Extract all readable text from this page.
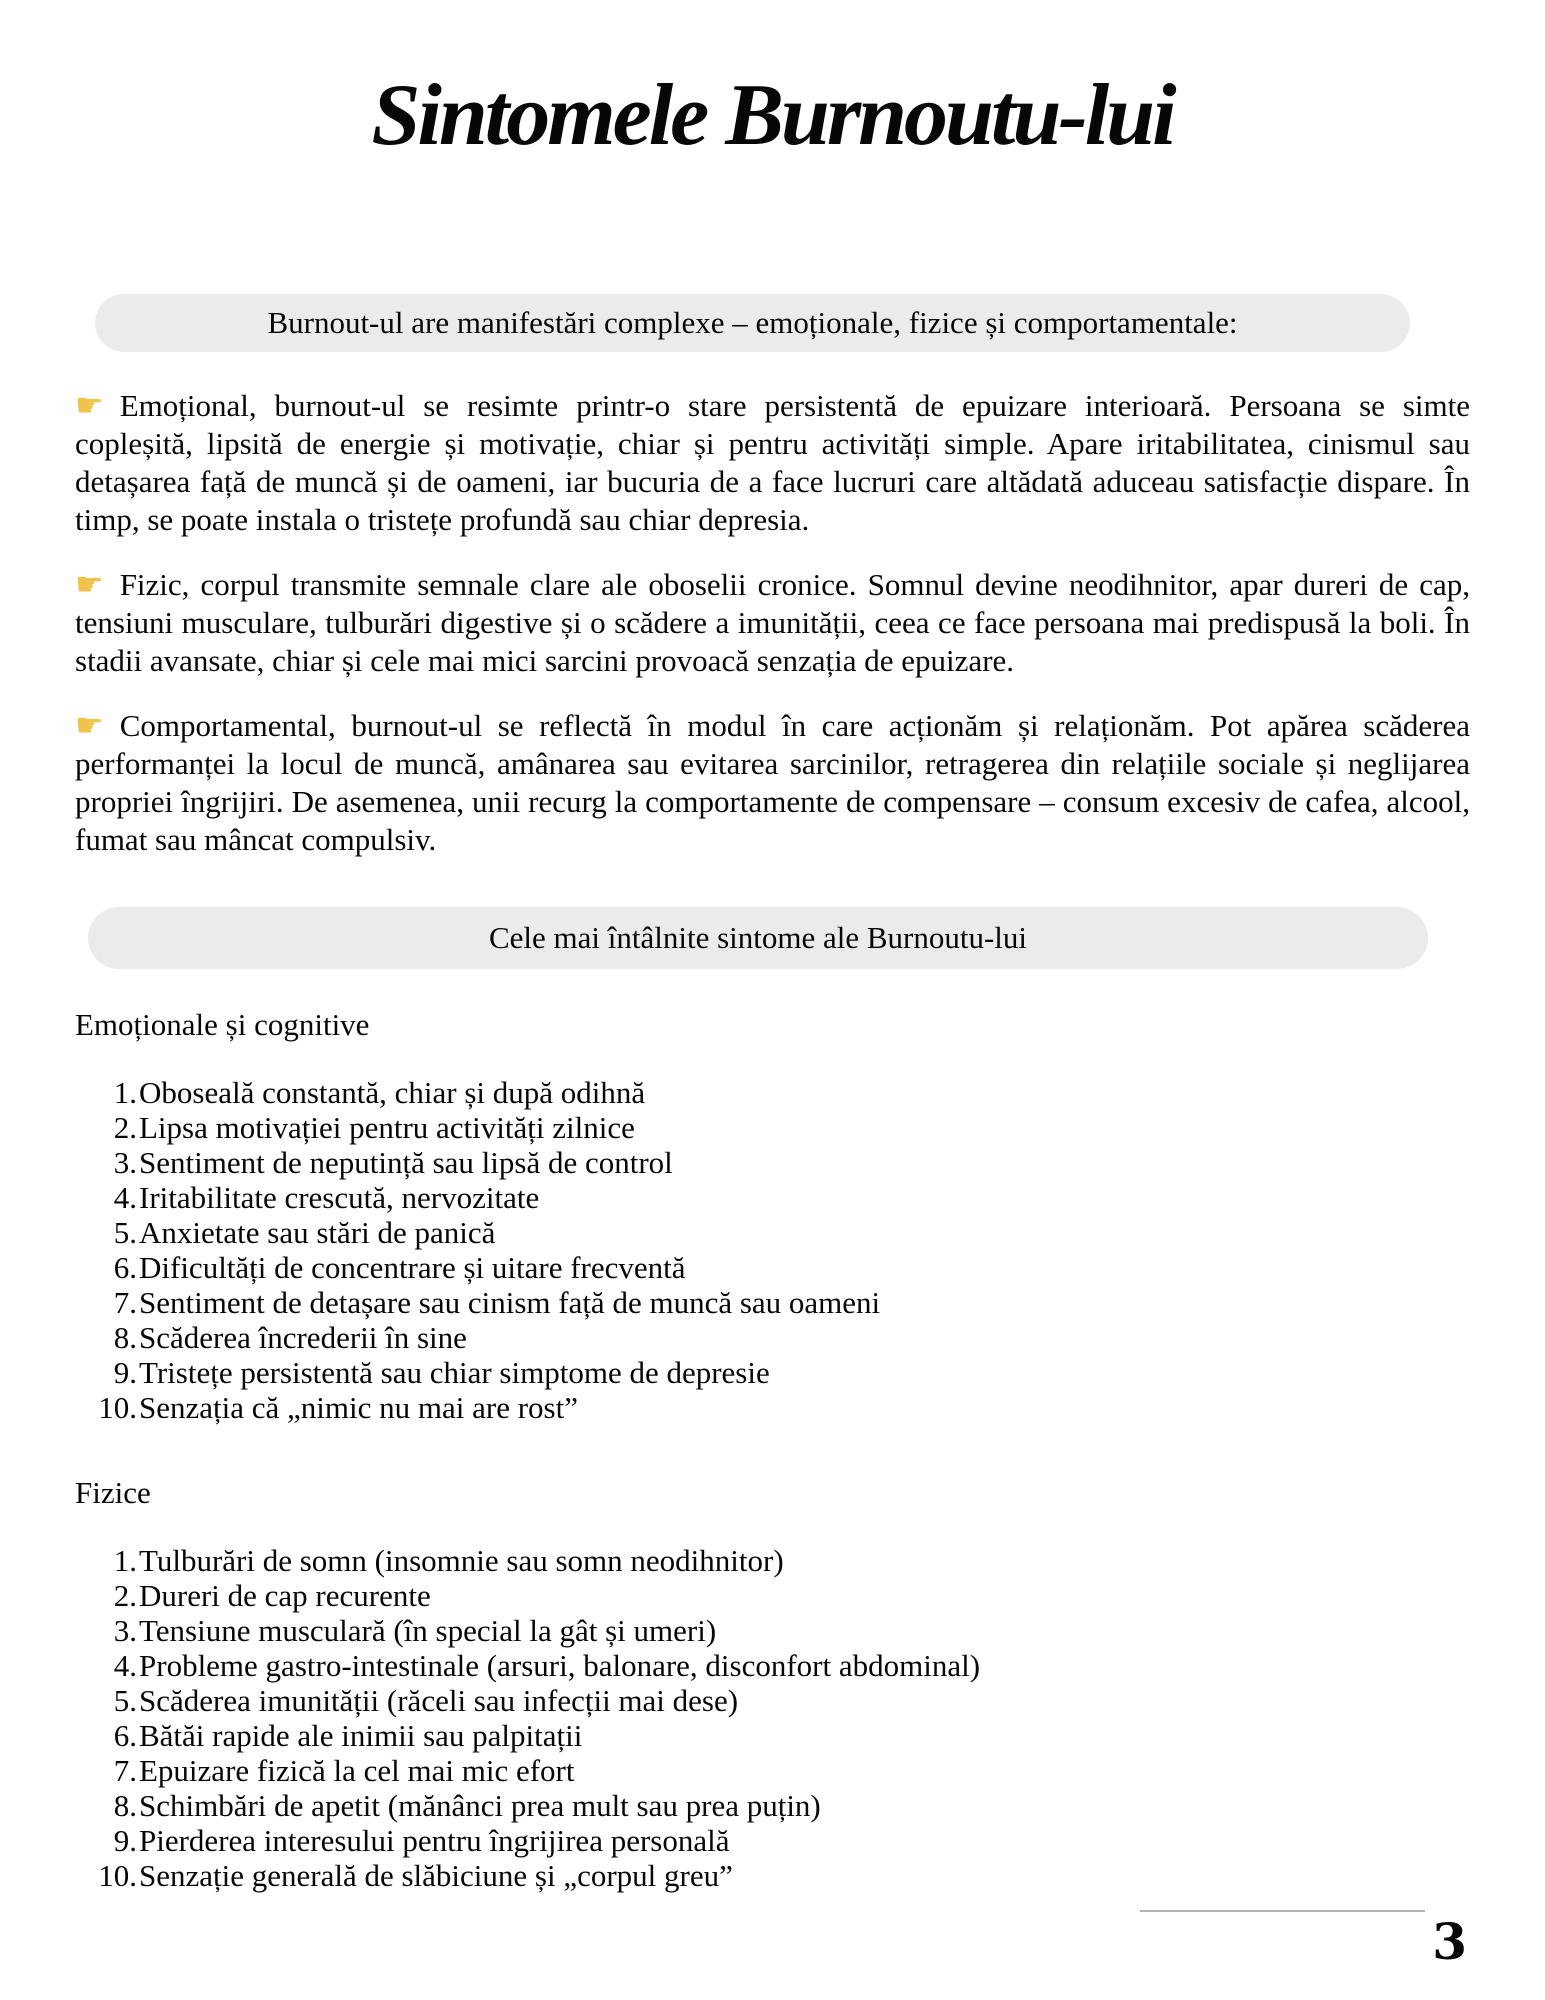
Sintomele Burnoutu-lui
Burnout-ul are manifestări complexe – emoționale, fizice și comportamentale:

☛ Emoțional, burnout-ul se resimte printr-o stare persistentă de epuizare interioară. Persoana se simte copleșită, lipsită de energie și motivație, chiar și pentru activități simple. Apare iritabilitatea, cinismul sau detașarea față de muncă și de oameni, iar bucuria de a face lucruri care altădată aduceau satisfacție dispare. În timp, se poate instala o tristețe profundă sau chiar depresia.

☛ Fizic, corpul transmite semnale clare ale oboselii cronice. Somnul devine neodihnitor, apar dureri de cap, tensiuni musculare, tulburări digestive și o scădere a imunității, ceea ce face persoana mai predispusă la boli. În stadii avansate, chiar și cele mai mici sarcini provoacă senzația de epuizare.

☛ Comportamental, burnout-ul se reflectă în modul în care acționăm și relaționăm. Pot apărea scăderea performanței la locul de muncă, amânarea sau evitarea sarcinilor, retragerea din relațiile sociale și neglijarea propriei îngrijiri. De asemenea, unii recurg la comportamente de compensare – consum excesiv de cafea, alcool, fumat sau mâncat compulsiv.

Cele mai întâlnite sintome ale Burnoutu-lui
Emoționale și cognitive
Oboseală constantă, chiar și după odihnă
Lipsa motivației pentru activități zilnice
Sentiment de neputință sau lipsă de control
Iritabilitate crescută, nervozitate
Anxietate sau stări de panică
Dificultăți de concentrare și uitare frecventă
Sentiment de detașare sau cinism față de muncă sau oameni
Scăderea încrederii în sine
Tristețe persistentă sau chiar simptome de depresie
Senzația că „nimic nu mai are rost”
Fizice
Tulburări de somn (insomnie sau somn neodihnitor)
Dureri de cap recurente
Tensiune musculară (în special la gât și umeri)
Probleme gastro-intestinale (arsuri, balonare, disconfort abdominal)
Scăderea imunității (răceli sau infecții mai dese)
Bătăi rapide ale inimii sau palpitații
Epuizare fizică la cel mai mic efort
Schimbări de apetit (mănânci prea mult sau prea puțin)
Pierderea interesului pentru îngrijirea personală
Senzație generală de slăbiciune și „corpul greu”
3
